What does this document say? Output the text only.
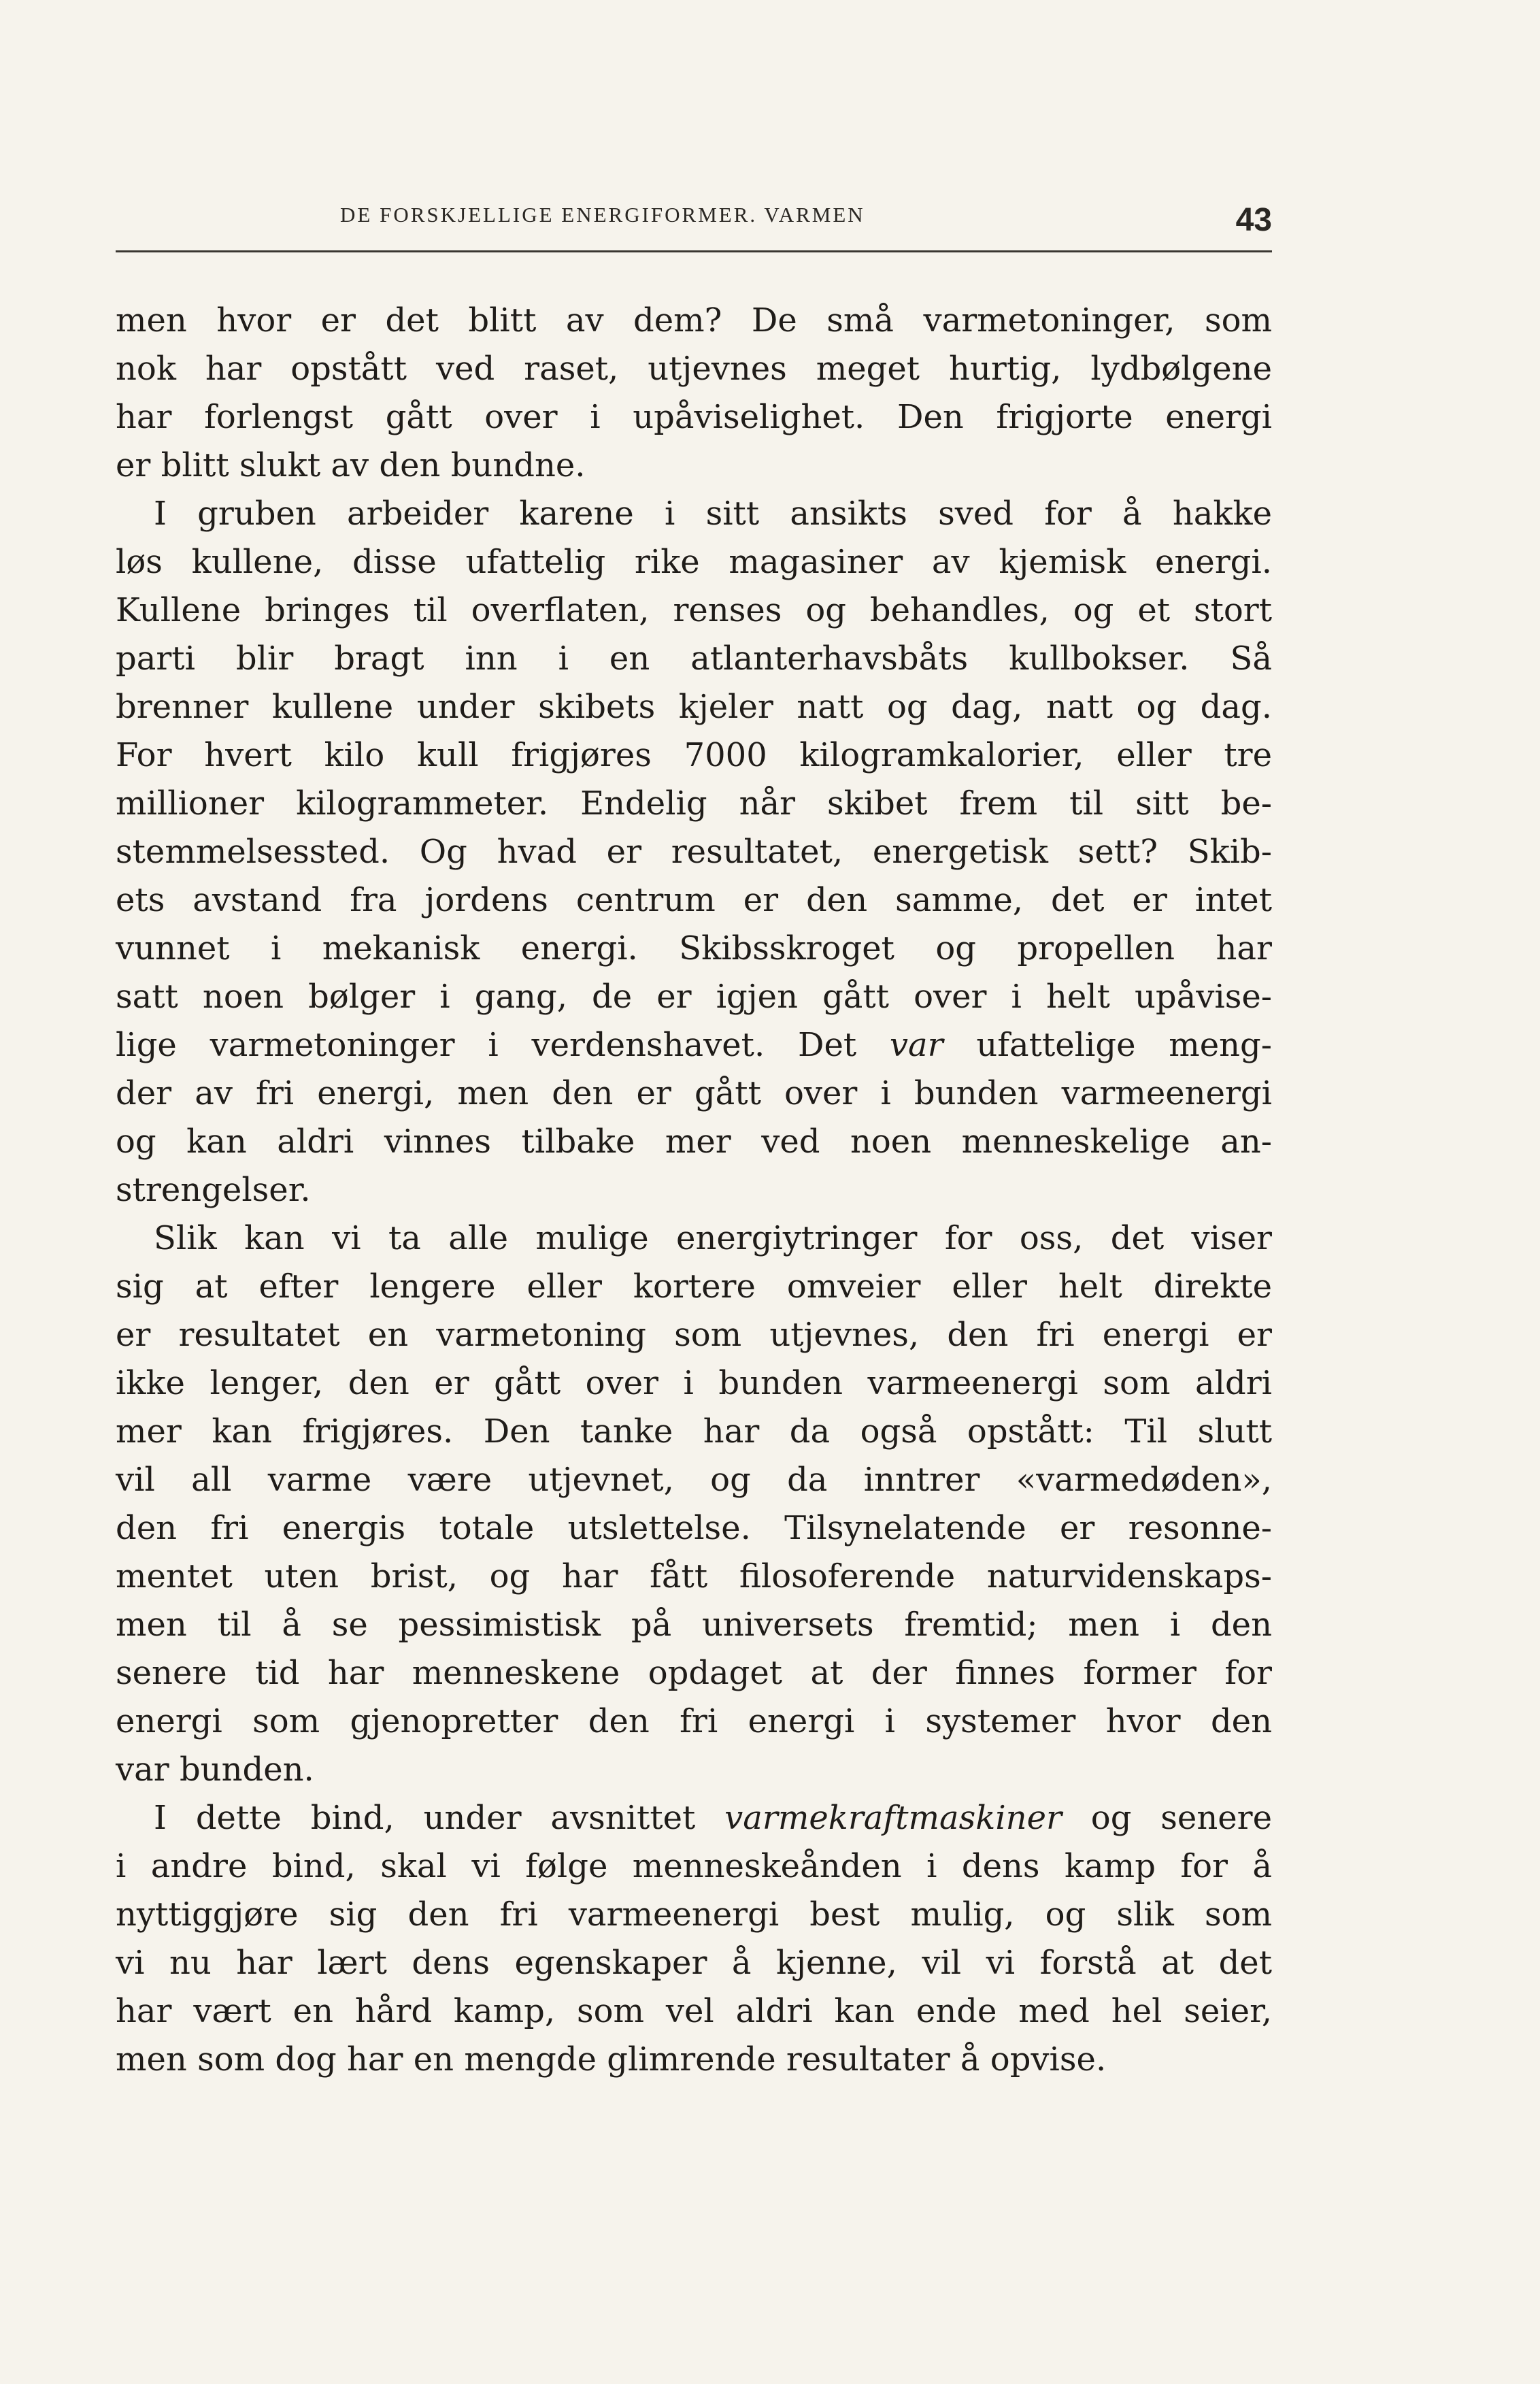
DE FORSKJELLIGE ENERGIFORMER. VARMEN	43
men hvor er det blitt av dem? De små varmetoninger, som
nok har opstått ved raset, utjevnes meget hurtig, lydbølgene
har forlengst gått over i upåviselighet. Den frigjorte energi
er blitt slukt av den bundne.
I gruben arbeider karene i sitt ansikts sved for å hakke
løs kullene, disse ufattelig rike magasiner av kjemisk energi.
Kullene bringes til overflaten, renses og behandles, og et stort
parti blir bragt inn i en atlanterhavsbåts kullbokser. Så
brenner kullene under skibets kjeler natt og dag, natt og dag.
For hvert kilo kull frigjøres 7000 kilogramkalorier, eller tre
millioner kilogrammeter. Endelig når skibet frem til sitt be-
stemmelsessted. Og hvad er resultatet, energetisk sett? Skib-
ets avstand fra jordens centrum er den samme, det er intet
vunnet i mekanisk energi. Skibsskroget og propellen har
satt noen bølger i gang, de er igjen gått over i helt upåvise-
lige varmetoninger i verdenshavet. Det var ufattelige meng-
der av fri energi, men den er gått over i bunden varmeenergi
og kan aldri vinnes tilbake mer ved noen menneskelige an-
strengelser.
Slik kan vi ta alle mulige energiytringer for oss, det viser
sig at efter lengere eller kortere omveier eller helt direkte
er resultatet en varmetoning som utjevnes, den fri energi er
ikke lenger, den er gått over i bunden varmeenergi som aldri
mer kan frigjøres. Den tanke har da også opstått: Til slutt
vil all varme være utjevnet, og da inntrer «varmedøden»,
den fri energis totale utslettelse. Tilsynelatende er resonne-
mentet uten brist, og har fått filosoferende naturvidenskaps-
men til å se pessimistisk på universets fremtid; men i den
senere tid har menneskene opdaget at der finnes former for
energi som gjenopretter den fri energi i systemer hvor den
var bunden.
I dette bind, under avsnittet varmekraftmaskiner og senere
i andre bind, skal vi følge menneskeånden i dens kamp for å
nyttiggjøre sig den fri varmeenergi best mulig, og slik som
vi nu har lært dens egenskaper å kjenne, vil vi forstå at det
har vært en hård kamp, som vel aldri kan ende med hel seier,
men som dog har en mengde glimrende resultater å opvise.
